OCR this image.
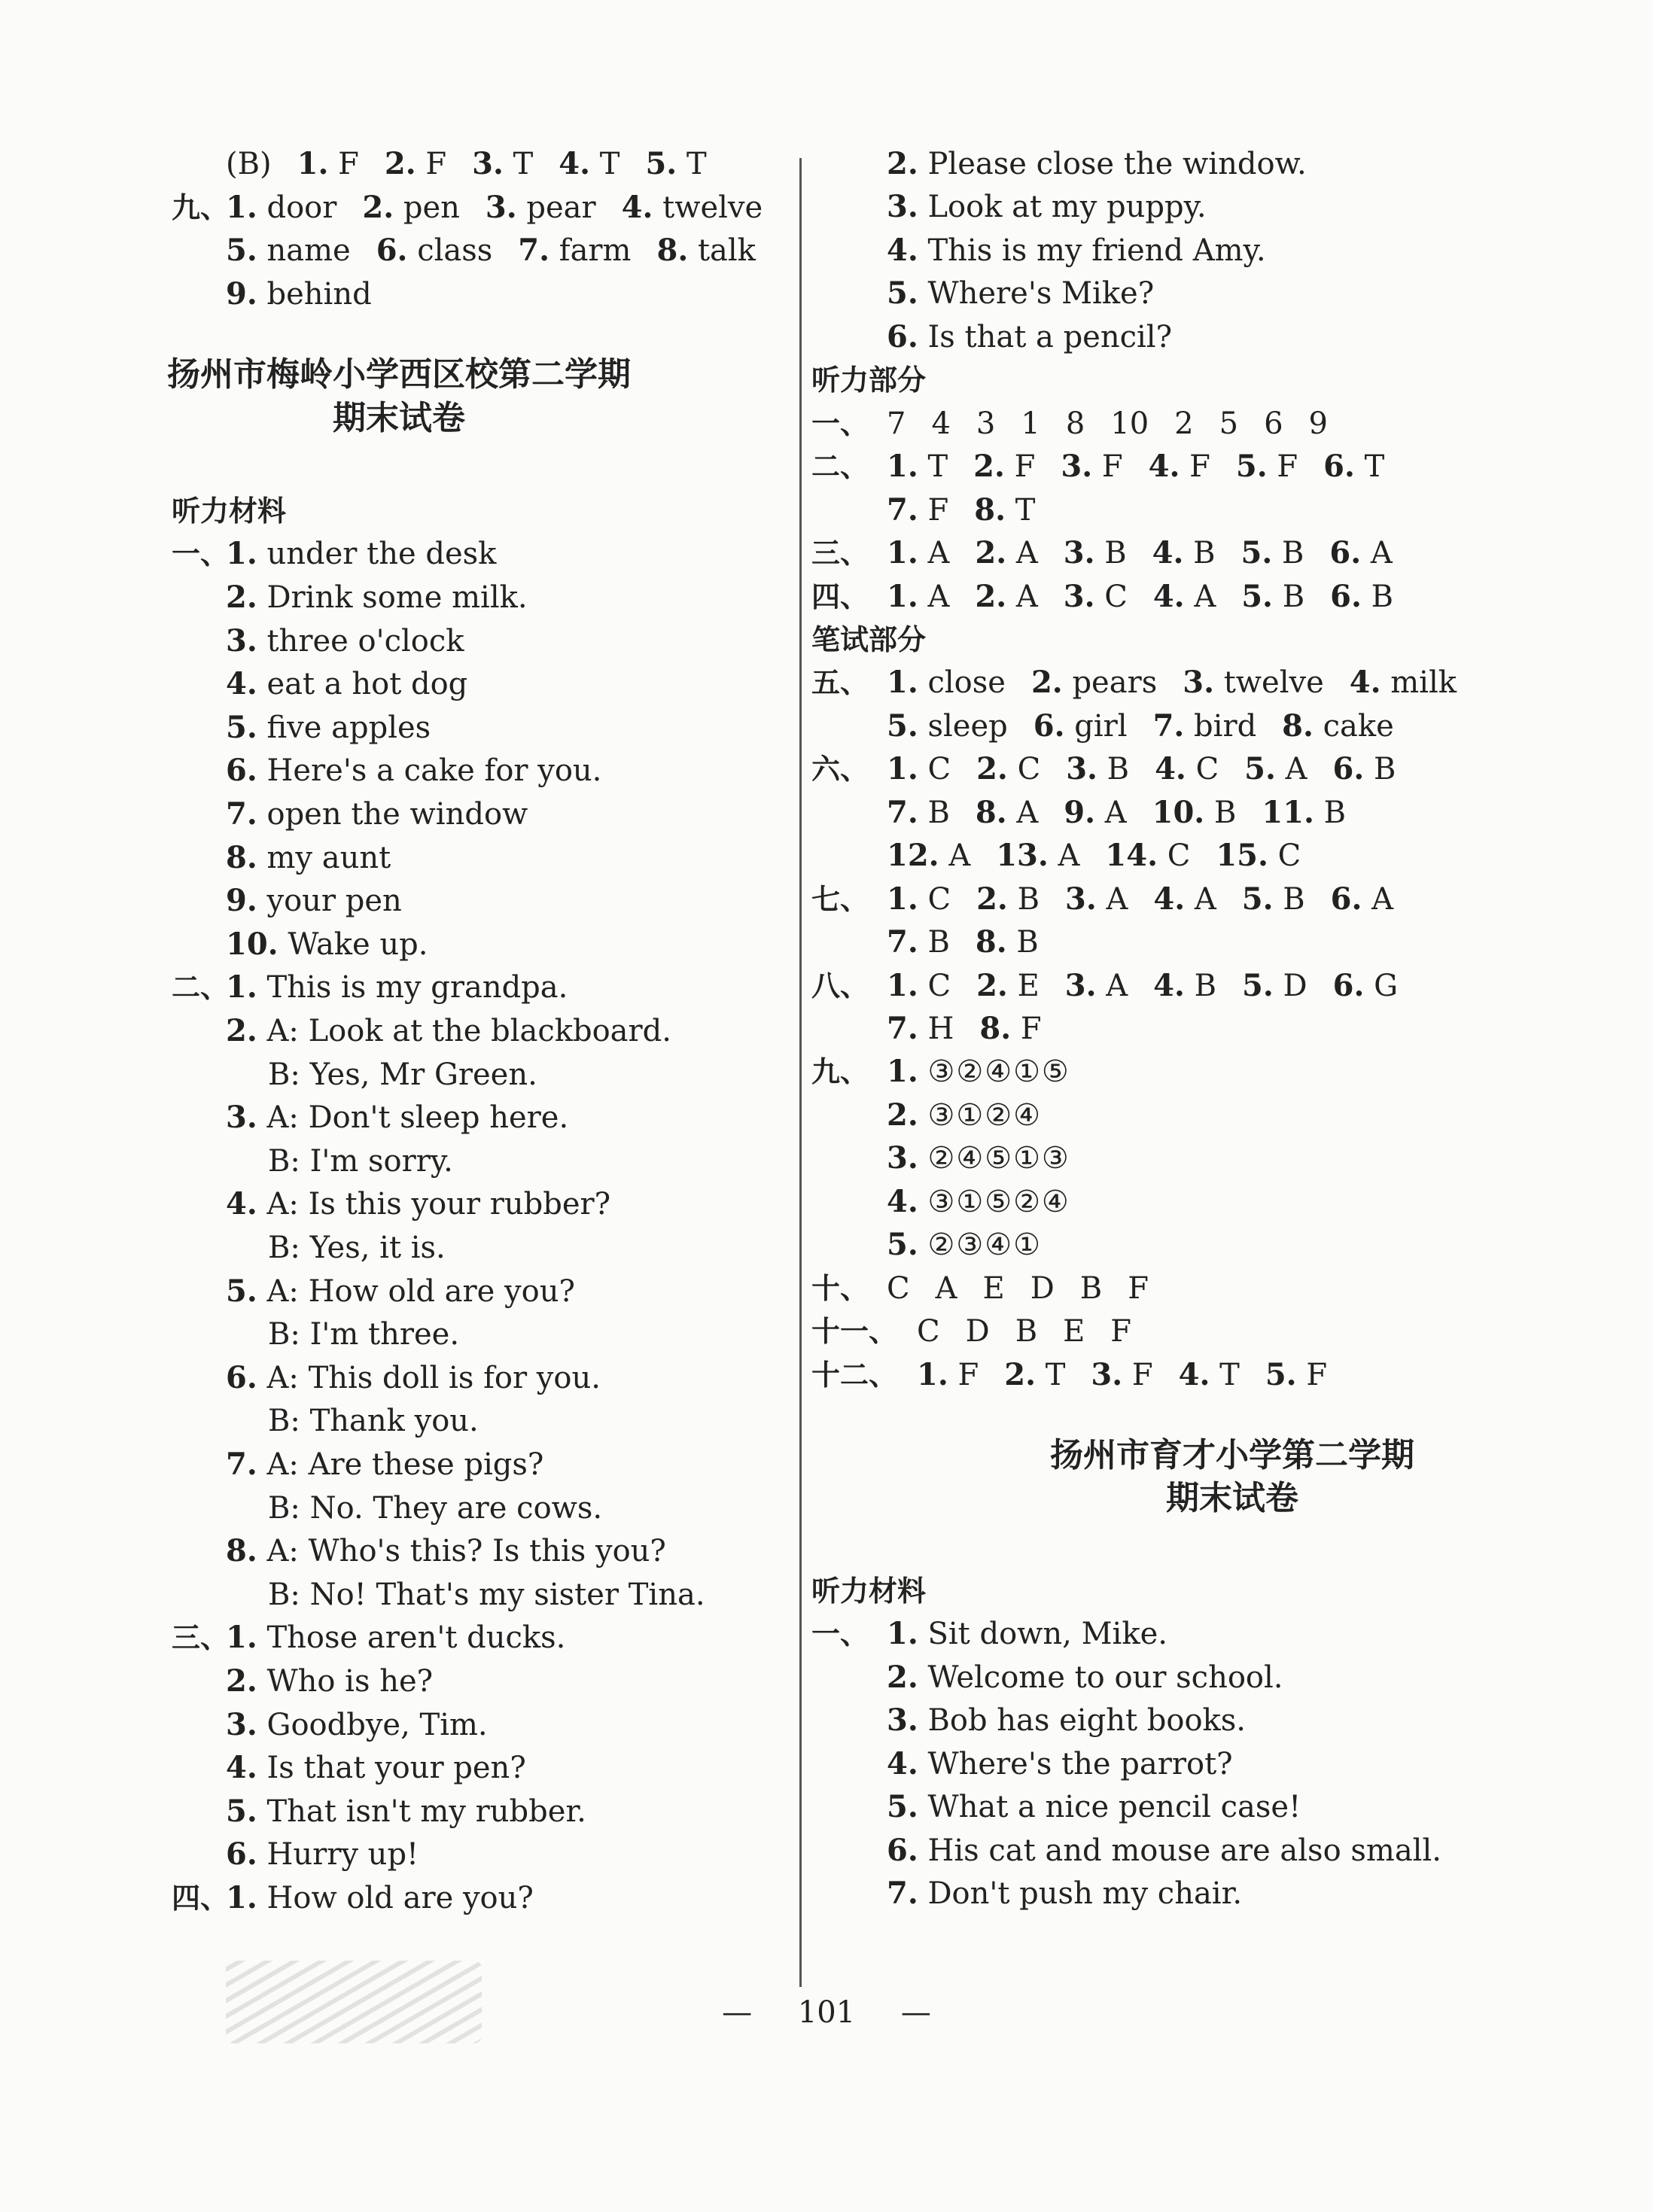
(B) 1. F 2. F 3. T 4. T 5. T
九、
1. door 2. pen 3. pear 4. twelve
5. name 6. class 7. farm 8. talk
9. behind
扬州市梅岭小学西区校第二学期
期末试卷
听力材料
一、
1. under the desk
2. Drink some milk.
3. three o'clock
4. eat a hot dog
5. five apples
6. Here's a cake for you.
7. open the window
8. my aunt
9. your pen
10. Wake up.
二、
1. This is my grandpa.
2. A: Look at the blackboard.
B: Yes, Mr Green.
3. A: Don't sleep here.
B: I'm sorry.
4. A: Is this your rubber?
B: Yes, it is.
5. A: How old are you?
B: I'm three.
6. A: This doll is for you.
B: Thank you.
7. A: Are these pigs?
B: No. They are cows.
8. A: Who's this? Is this you?
B: No! That's my sister Tina.
三、
1. Those aren't ducks.
2. Who is he?
3. Goodbye, Tim.
4. Is that your pen?
5. That isn't my rubber.
6. Hurry up!
四、
1. How old are you?
2. Please close the window.
3. Look at my puppy.
4. This is my friend Amy.
5. Where's Mike?
6. Is that a pencil?
听力部分
一、 7 4 3 1 8 10 2 5 6 9
二、 1. T 2. F 3. F 4. F 5. F 6. T
7. F 8. T
三、 1. A 2. A 3. B 4. B 5. B 6. A
四、 1. A 2. A 3. C 4. A 5. B 6. B
笔试部分
五、 1. close 2. pears 3. twelve 4. milk
5. sleep 6. girl 7. bird 8. cake
六、 1. C 2. C 3. B 4. C 5. A 6. B
7. B 8. A 9. A 10. B 11. B
12. A 13. A 14. C 15. C
七、 1. C 2. B 3. A 4. A 5. B 6. A
7. B 8. B
八、 1. C 2. E 3. A 4. B 5. D 6. G
7. H 8. F
九、 1. ③②④①⑤
2. ③①②④
3. ②④⑤①③
4. ③①⑤②④
5. ②③④①
十、 C A E D B F
十一、 C D B E F
十二、 1. F 2. T 3. F 4. T 5. F
扬州市育才小学第二学期
期末试卷
听力材料
一、 1. Sit down, Mike.
2. Welcome to our school.
3. Bob has eight books.
4. Where's the parrot?
5. What a nice pencil case!
6. His cat and mouse are also small.
7. Don't push my chair.
— 101 —
